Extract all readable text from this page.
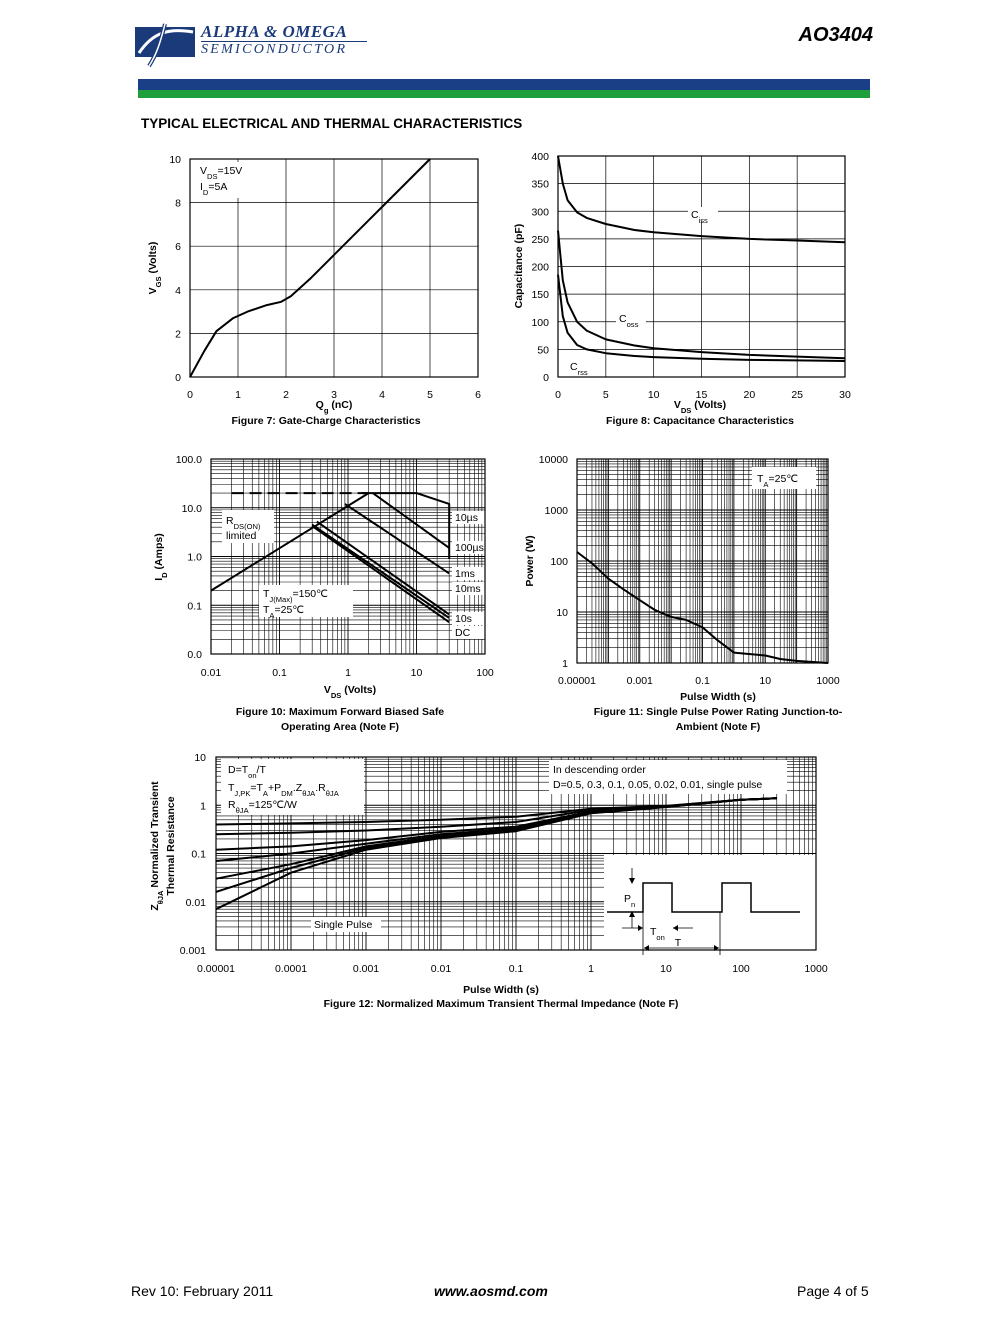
ALPHA & OMEGA
SEMICONDUCTOR
AO3404
TYPICAL ELECTRICAL AND THERMAL CHARACTERISTICS
$V_{DS}=15V$
$I_D=5A$
0	1	2	3	4	5	6
0
2
4
6
8
10
$Q_g$ (nC)
$V_{GS}$ (Volts)
Figure 7: Gate-Charge Characteristics
$C_{iss}$
$C_{oss}$
$C_{rss}$
0	5	10	15	20	25	30
0
50
100
150
200
250
300
350
400
$V_{DS}$ (Volts)
Capacitance (pF)
Figure 8: Capacitance Characteristics
$R_{DS(ON)}$
limited
$T_{J(Max)}=150℃$
$T_A=25℃$
10µs
100µs
1ms
10ms
10s
DC
0.01	0.1	1	10	100
0.0
0.1
1.0
10.0
100.0
$V_{DS}$ (Volts)
$I_D$ (Amps)
Figure 10: Maximum Forward Biased Safe
Operating Area (Note F)
$T_A=25℃$
0.00001	0.001	0.1	10	1000
1
10
100
1000
10000
Pulse Width (s)
Power (W)
Figure 11: Single Pulse Power Rating Junction-to-
Ambient (Note F)
$D=T_{on}/T$
$T_{J,PK}=T_A+P_{DM}.Z_{\theta JA}.R_{\theta JA}$
$R_{\theta JA}=125℃/W$
In descending order
D=0.5, 0.3, 0.1, 0.05, 0.02, 0.01, single pulse
Single Pulse
$P_n$
$T_{on}$ T
0.00001	0.0001	0.001	0.01	0.1	1	10	100	1000
0.001
0.01
0.1
1
10
Pulse Width (s)
$Z_{\theta JA}$ Normalized Transient Thermal Resistance
Figure 12: Normalized Maximum Transient Thermal Impedance (Note F)
Rev 10: February 2011	www.aosmd.com	Page 4 of 5
